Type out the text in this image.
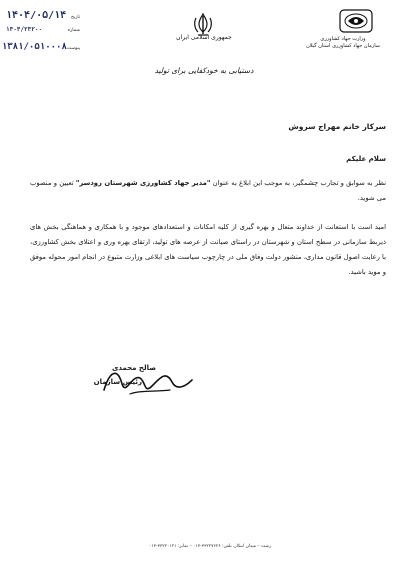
تاریخ
۱۴۰۴/۰۵/۱۴
شماره
۱۴۰۴/۲۴۲۰۰
پیوست
۱۳۸۱/۰۵۱۰۰۰۸
جمهوری اسلامی ایران	وزارت جهاد کشاورزی
سازمان جهاد کشاورزی استان گیلان
دستیابی به خودکفایی برای تولید
سرکار خانم مهراج سروش
سلام علیکم
نظر به سوابق و تجارب چشمگیر، به موجب این ابلاغ به عنوان "مدیر جهاد کشاورزی شهرستان رودسر" تعیین و منصوب می شوید.
امید است با استعانت از خداوند متعال و بهره گیری از کلیه امکانات و استعدادهای موجود و با همکاری و هماهنگی بخش های ذیربط سازمانی در سطح استان و شهرستان در راستای صیانت از عرصه های تولید، ارتقای بهره وری و اعتلای بخش کشاورزی، با رعایت اصول قانون مداری، منشور دولت وفاق ملی در چارچوب سیاست های ابلاغی وزارت متبوع در انجام امور محوله موفق و موید باشید.
صالح محمدی
رئیس سازمان
رشت – میدان ابتکار، تلفن: ۳۳۲۲۷۶۲۶-۰۱۳ – نمابر: ۳۳۲۲۰۱۲۱-۰۱۳
